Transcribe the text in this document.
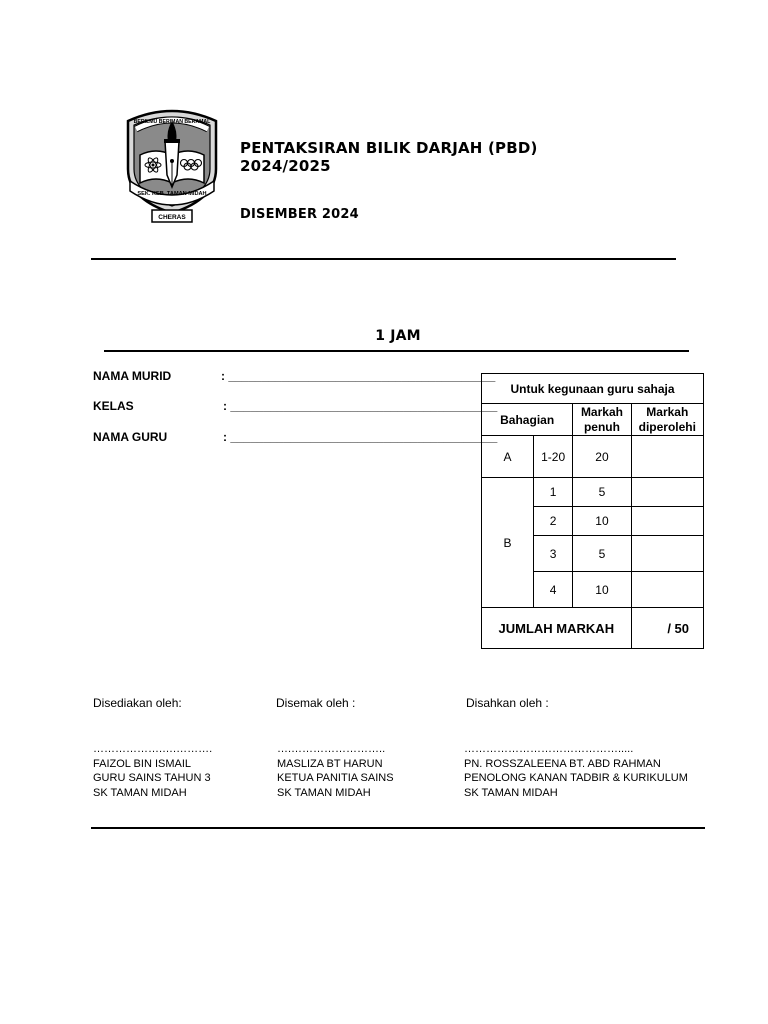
BERILMU BERIMAN BERAMAL
SEK. KEB. TAMAN MIDAH
CHERAS
PENTAKSIRAN BILIK DARJAH (PBD)
2024/2025
DISEMBER 2024
1 JAM
NAMA MURID	: ________________________________________
KELAS	: ________________________________________
NAMA GURU	: ________________________________________
Untuk kegunaan guru sahaja			
Bahagian		Markah penuh	Markah diperolehi
A	1-20	20	
B	1	5	
	2	10	
	3	5	
	4	10	
JUMLAH MARKAH			/ 50
Disediakan oleh:	Disemak oleh :	Disahkan oleh :
……………….….……….
FAIZOL BIN ISMAIL
GURU SAINS TAHUN 3
SK TAMAN MIDAH
….……………………..
MASLIZA BT HARUN
KETUA PANITIA SAINS
SK TAMAN MIDAH
…………………………………….....
PN. ROSSZALEENA BT. ABD RAHMAN
PENOLONG KANAN TADBIR & KURIKULUM
SK TAMAN MIDAH
